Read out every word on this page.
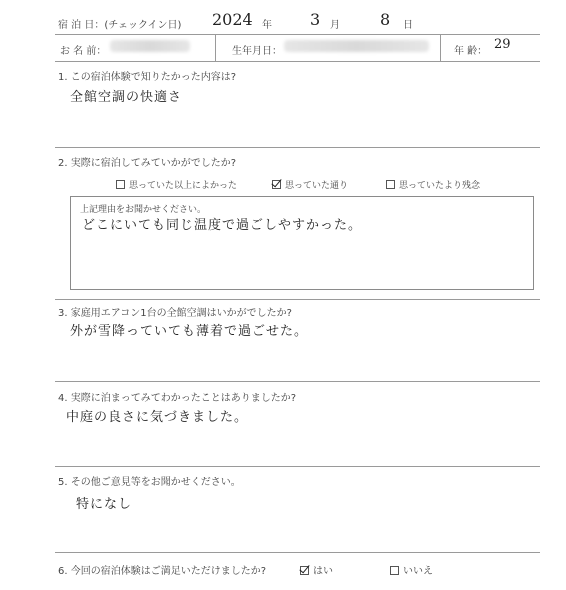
宿 泊 日：(チェックイン日) 2024 年 3 月	8 日
お 名 前：	生年月日：	年 齢： 29
1. この宿泊体験で知りたかった内容は?
全館空調の快適さ
2. 実際に宿泊してみていかがでしたか?
思っていた以上によかった	思っていた通り	思っていたより残念
上記理由をお聞かせください。
どこにいても同じ温度で過ごしやすかった。
3. 家庭用エアコン1台の全館空調はいかがでしたか?
外が雪降っていても薄着で過ごせた。
4. 実際に泊まってみてわかったことはありましたか?
中庭の良さに気づきました。
5. その他ご意見等をお聞かせください。
特になし
6. 今回の宿泊体験はご満足いただけましたか?	はい	いいえ
